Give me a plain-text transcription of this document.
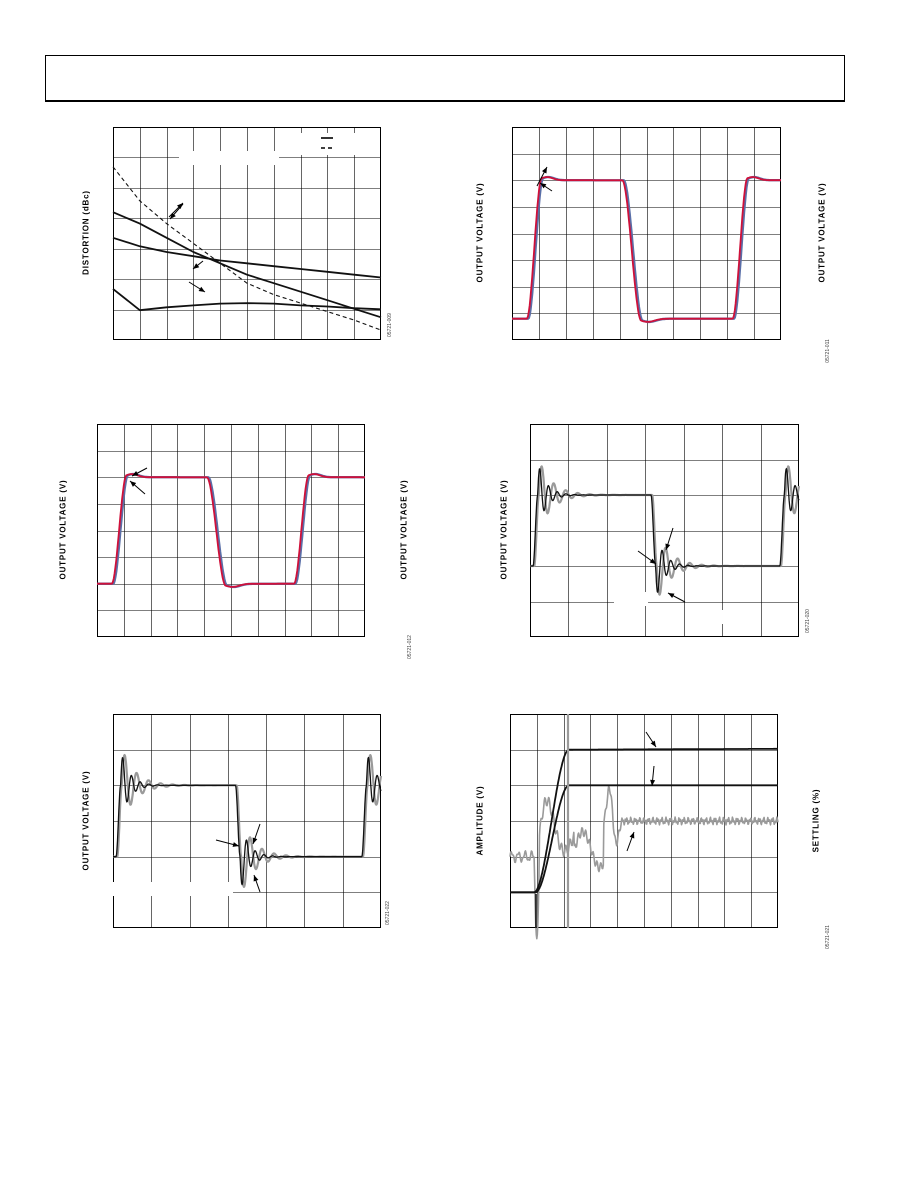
DISTORTION (dBc)
05721-009
OUTPUT VOLTAGE (V)	OUTPUT VOLTAGE (V)
05721-011
OUTPUT VOLTAGE (V)	OUTPUT VOLTAGE (V)
05721-012
OUTPUT VOLTAGE (V)
05721-020
OUTPUT VOLTAGE (V)
05721-022
AMPLITUDE (V)	SETTLING (%)
05721-021
